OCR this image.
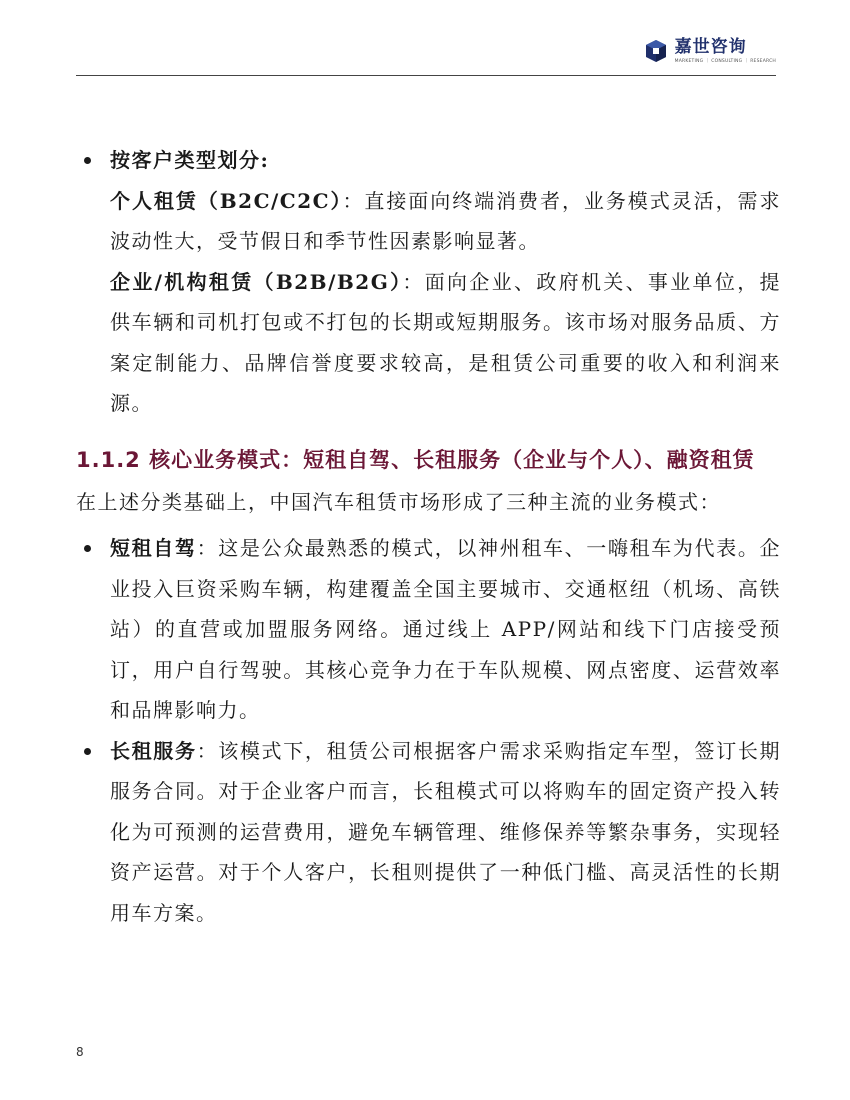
嘉世咨询
MARKETING ｜ CONSULTING ｜ RESEARCH

按客户类型划分:

个人租赁（B2C/C2C）：直接面向终端消费者，业务模式灵活，需求波动性大，受节假日和季节性因素影响显著。

企业/机构租赁（B2B/B2G）：面向企业、政府机关、事业单位，提供车辆和司机打包或不打包的长期或短期服务。该市场对服务品质、方案定制能力、品牌信誉度要求较高，是租赁公司重要的收入和利润来源。

1.1.2 核心业务模式：短租自驾、长租服务（企业与个人）、融资租赁

在上述分类基础上，中国汽车租赁市场形成了三种主流的业务模式：

短租自驾：这是公众最熟悉的模式，以神州租车、一嗨租车为代表。企业投入巨资采购车辆，构建覆盖全国主要城市、交通枢纽（机场、高铁站）的直营或加盟服务网络。通过线上 APP/网站和线下门店接受预订，用户自行驾驶。其核心竞争力在于车队规模、网点密度、运营效率和品牌影响力。

长租服务：该模式下，租赁公司根据客户需求采购指定车型，签订长期服务合同。对于企业客户而言，长租模式可以将购车的固定资产投入转化为可预测的运营费用，避免车辆管理、维修保养等繁杂事务，实现轻资产运营。对于个人客户，长租则提供了一种低门槛、高灵活性的长期用车方案。

8
